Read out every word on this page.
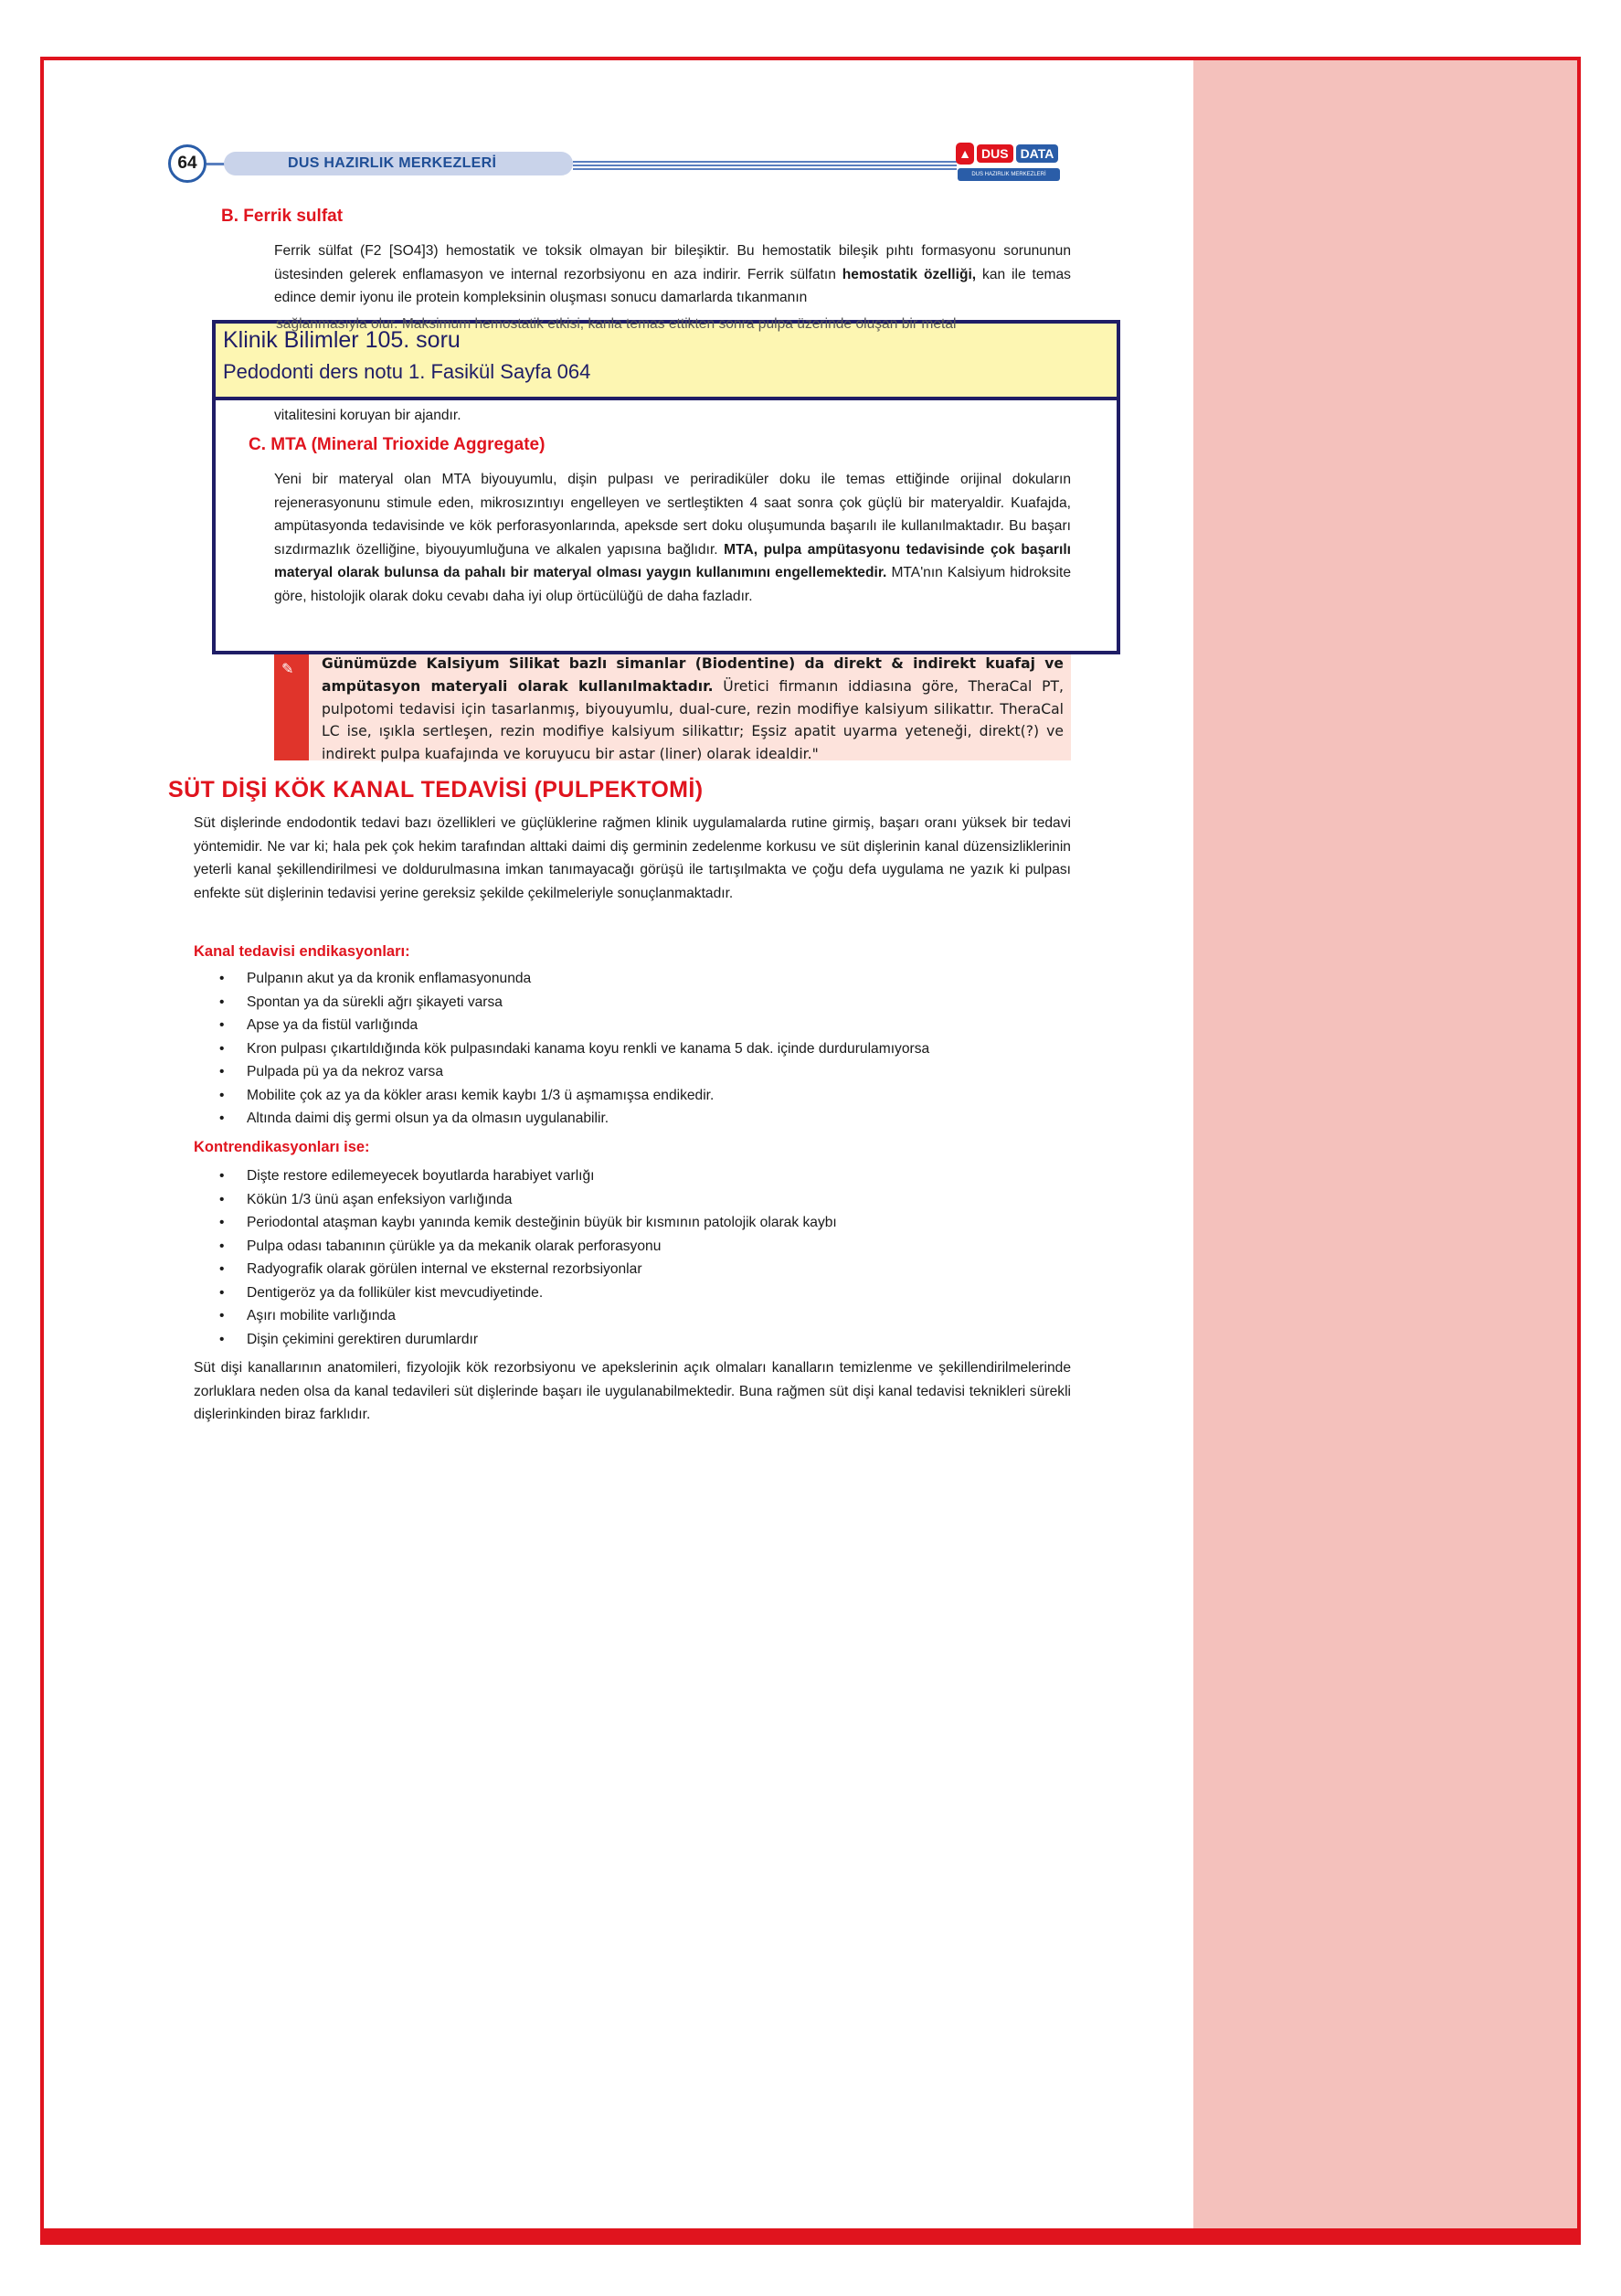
64	DUS HAZIRLIK MERKEZLERİ
▲ DUS DATA
DUS HAZIRLIK MERKEZLERİ
B. Ferrik sulfat
Ferrik sülfat (F2 [SO4]3) hemostatik ve toksik olmayan bir bileşiktir. Bu hemostatik bileşik pıhtı formasyonu sorununun üstesinden gelerek enflamasyon ve internal rezorbsiyonu en aza indirir. Ferrik sülfatın hemostatik özelliği, kan ile temas edince demir iyonu ile protein kompleksinin oluşması sonucu damarlarda tıkanmanın
vitalitesini koruyan bir ajandır.
C. MTA (Mineral Trioxide Aggregate)
Yeni bir materyal olan MTA biyouyumlu, dişin pulpası ve periradiküler doku ile temas ettiğinde orijinal dokuların rejenerasyonunu stimule eden, mikrosızıntıyı engelleyen ve sertleştikten 4 saat sonra çok güçlü bir materyaldir. Kuafajda, ampütasyonda tedavisinde ve kök perforasyonlarında, apeksde sert doku oluşumunda başarılı ile kullanılmaktadır. Bu başarı sızdırmazlık özelliğine, biyouyumluğuna ve alkalen yapısına bağlıdır. MTA, pulpa ampütasyonu tedavisinde çok başarılı materyal olarak bulunsa da pahalı bir materyal olması yaygın kullanımını engellemektedir. MTA'nın Kalsiyum hidroksite göre, histolojik olarak doku cevabı daha iyi olup örtücülüğü de daha fazladır.
sağlanmasıyla olur. Maksimum hemostatik etkisi, kanla temas ettikten sonra pulpa üzerinde oluşan bir metal
Klinik Bilimler 105. soru
Pedodonti ders notu 1. Fasikül Sayfa 064
✎ Günümüzde Kalsiyum Silikat bazlı simanlar (Biodentine) da direkt & indirekt kuafaj ve ampütasyon materyali olarak kullanılmaktadır. Üretici firmanın iddiasına göre, TheraCal PT, pulpotomi tedavisi için tasarlanmış, biyouyumlu, dual-cure, rezin modifiye kalsiyum silikattır. TheraCal LC ise, ışıkla sertleşen, rezin modifiye kalsiyum silikattır; Eşsiz apatit uyarma yeteneği, direkt(?) ve indirekt pulpa kuafajında ve koruyucu bir astar (liner) olarak idealdir."
SÜT DİŞİ KÖK KANAL TEDAVİSİ (PULPEKTOMİ)
Süt dişlerinde endodontik tedavi bazı özellikleri ve güçlüklerine rağmen klinik uygulamalarda rutine girmiş, başarı oranı yüksek bir tedavi yöntemidir. Ne var ki; hala pek çok hekim tarafından alttaki daimi diş germinin zedelenme korkusu ve süt dişlerinin kanal düzensizliklerinin yeterli kanal şekillendirilmesi ve doldurulmasına imkan tanımayacağı görüşü ile tartışılmakta ve çoğu defa uygulama ne yazık ki pulpası enfekte süt dişlerinin tedavisi yerine gereksiz şekilde çekilmeleriyle sonuçlanmaktadır.
Kanal tedavisi endikasyonları:
• Pulpanın akut ya da kronik enflamasyonunda
• Spontan ya da sürekli ağrı şikayeti varsa
• Apse ya da fistül varlığında
• Kron pulpası çıkartıldığında kök pulpasındaki kanama koyu renkli ve kanama 5 dak. içinde durdurulamıyorsa
• Pulpada pü ya da nekroz varsa
• Mobilite çok az ya da kökler arası kemik kaybı 1/3 ü aşmamışsa endikedir.
• Altında daimi diş germi olsun ya da olmasın uygulanabilir.
Kontrendikasyonları ise:
• Dişte restore edilemeyecek boyutlarda harabiyet varlığı
• Kökün 1/3 ünü aşan enfeksiyon varlığında
• Periodontal ataşman kaybı yanında kemik desteğinin büyük bir kısmının patolojik olarak kaybı
• Pulpa odası tabanının çürükle ya da mekanik olarak perforasyonu
• Radyografik olarak görülen internal ve eksternal rezorbsiyonlar
• Dentigeröz ya da folliküler kist mevcudiyetinde.
• Aşırı mobilite varlığında
• Dişin çekimini gerektiren durumlardır
Süt dişi kanallarının anatomileri, fizyolojik kök rezorbsiyonu ve apekslerinin açık olmaları kanalların temizlenme ve şekillendirilmelerinde zorluklara neden olsa da kanal tedavileri süt dişlerinde başarı ile uygulanabilmektedir. Buna rağmen süt dişi kanal tedavisi teknikleri sürekli dişlerinkinden biraz farklıdır.
